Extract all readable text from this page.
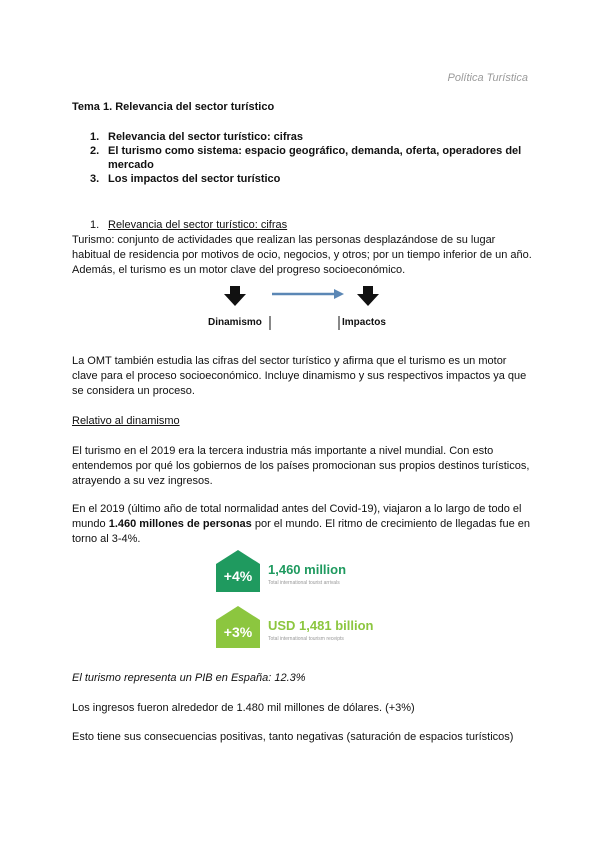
Política Turística
Tema 1. Relevancia del sector turístico
1. Relevancia del sector turístico: cifras
2. El turismo como sistema: espacio geográfico, demanda, oferta, operadores del mercado
3. Los impactos del sector turístico
1. Relevancia del sector turístico: cifras
Turismo: conjunto de actividades que realizan las personas desplazándose de su lugar habitual de residencia por motivos de ocio, negocios, y otros; por un tiempo inferior de un año. Además, el turismo es un motor clave del progreso socioeconómico.
Dinamismo	Impactos
La OMT también estudia las cifras del sector turístico y afirma que el turismo es un motor clave para el proceso socioeconómico. Incluye dinamismo y sus respectivos impactos ya que se considera un proceso.
Relativo al dinamismo
El turismo en el 2019 era la tercera industria más importante a nivel mundial. Con esto entendemos por qué los gobiernos de los países promocionan sus propios destinos turísticos, atrayendo a su vez ingresos.
En el 2019 (último año de total normalidad antes del Covid-19), viajaron a lo largo de todo el mundo 1.460 millones de personas por el mundo. El ritmo de crecimiento de llegadas fue en torno al 3-4%.
+4%	1,460 million
Total international tourist arrivals
+3%	USD 1,481 billion
Total international tourism receipts
El turismo representa un PIB en España: 12.3%
Los ingresos fueron alrededor de 1.480 mil millones de dólares. (+3%)
Esto tiene sus consecuencias positivas, tanto negativas (saturación de espacios turísticos)
